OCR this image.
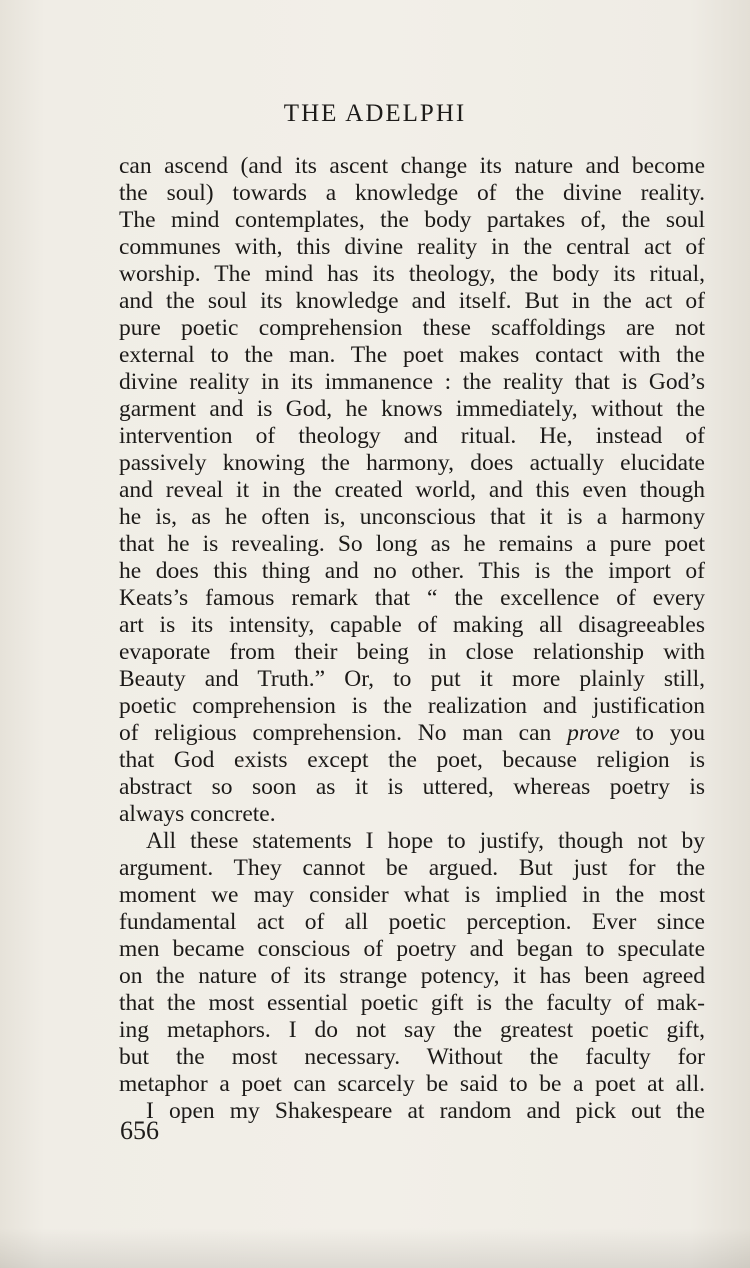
THE ADELPHI
can ascend (and its ascent change its nature and become
the soul) towards a knowledge of the divine reality.
The mind contemplates, the body partakes of, the soul
communes with, this divine reality in the central act of
worship. The mind has its theology, the body its ritual,
and the soul its knowledge and itself. But in the act of
pure poetic comprehension these scaffoldings are not
external to the man. The poet makes contact with the
divine reality in its immanence : the reality that is God’s
garment and is God, he knows immediately, without the
intervention of theology and ritual. He, instead of
passively knowing the harmony, does actually elucidate
and reveal it in the created world, and this even though
he is, as he often is, unconscious that it is a harmony
that he is revealing. So long as he remains a pure poet
he does this thing and no other. This is the import of
Keats’s famous remark that “ the excellence of every
art is its intensity, capable of making all disagreeables
evaporate from their being in close relationship with
Beauty and Truth.” Or, to put it more plainly still,
poetic comprehension is the realization and justification
of religious comprehension. No man can prove to you
that God exists except the poet, because religion is
abstract so soon as it is uttered, whereas poetry is
always concrete.
All these statements I hope to justify, though not by
argument. They cannot be argued. But just for the
moment we may consider what is implied in the most
fundamental act of all poetic perception. Ever since
men became conscious of poetry and began to speculate
on the nature of its strange potency, it has been agreed
that the most essential poetic gift is the faculty of mak-
ing metaphors. I do not say the greatest poetic gift,
but the most necessary. Without the faculty for
metaphor a poet can scarcely be said to be a poet at all.
I open my Shakespeare at random and pick out the
656
